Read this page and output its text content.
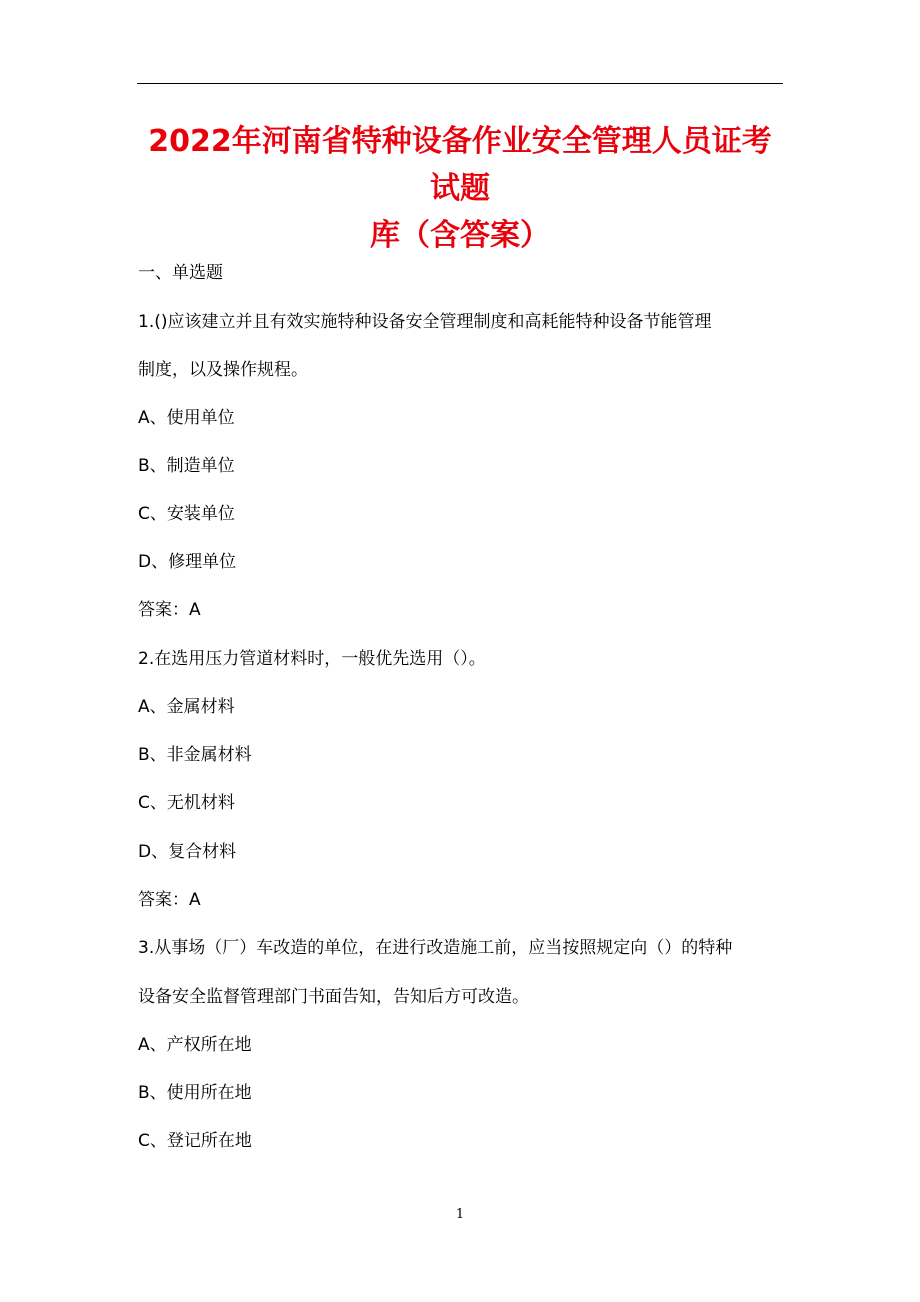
2022年河南省特种设备作业安全管理人员证考试题
库（含答案）
一、单选题
1.()应该建立并且有效实施特种设备安全管理制度和高耗能特种设备节能管理
制度，以及操作规程。
A、使用单位
B、制造单位
C、安装单位
D、修理单位
答案：A
2.在选用压力管道材料时，一般优先选用（）。
A、金属材料
B、非金属材料
C、无机材料
D、复合材料
答案：A
3.从事场（厂）车改造的单位，在进行改造施工前，应当按照规定向（）的特种
设备安全监督管理部门书面告知，告知后方可改造。
A、产权所在地
B、使用所在地
C、登记所在地
1
